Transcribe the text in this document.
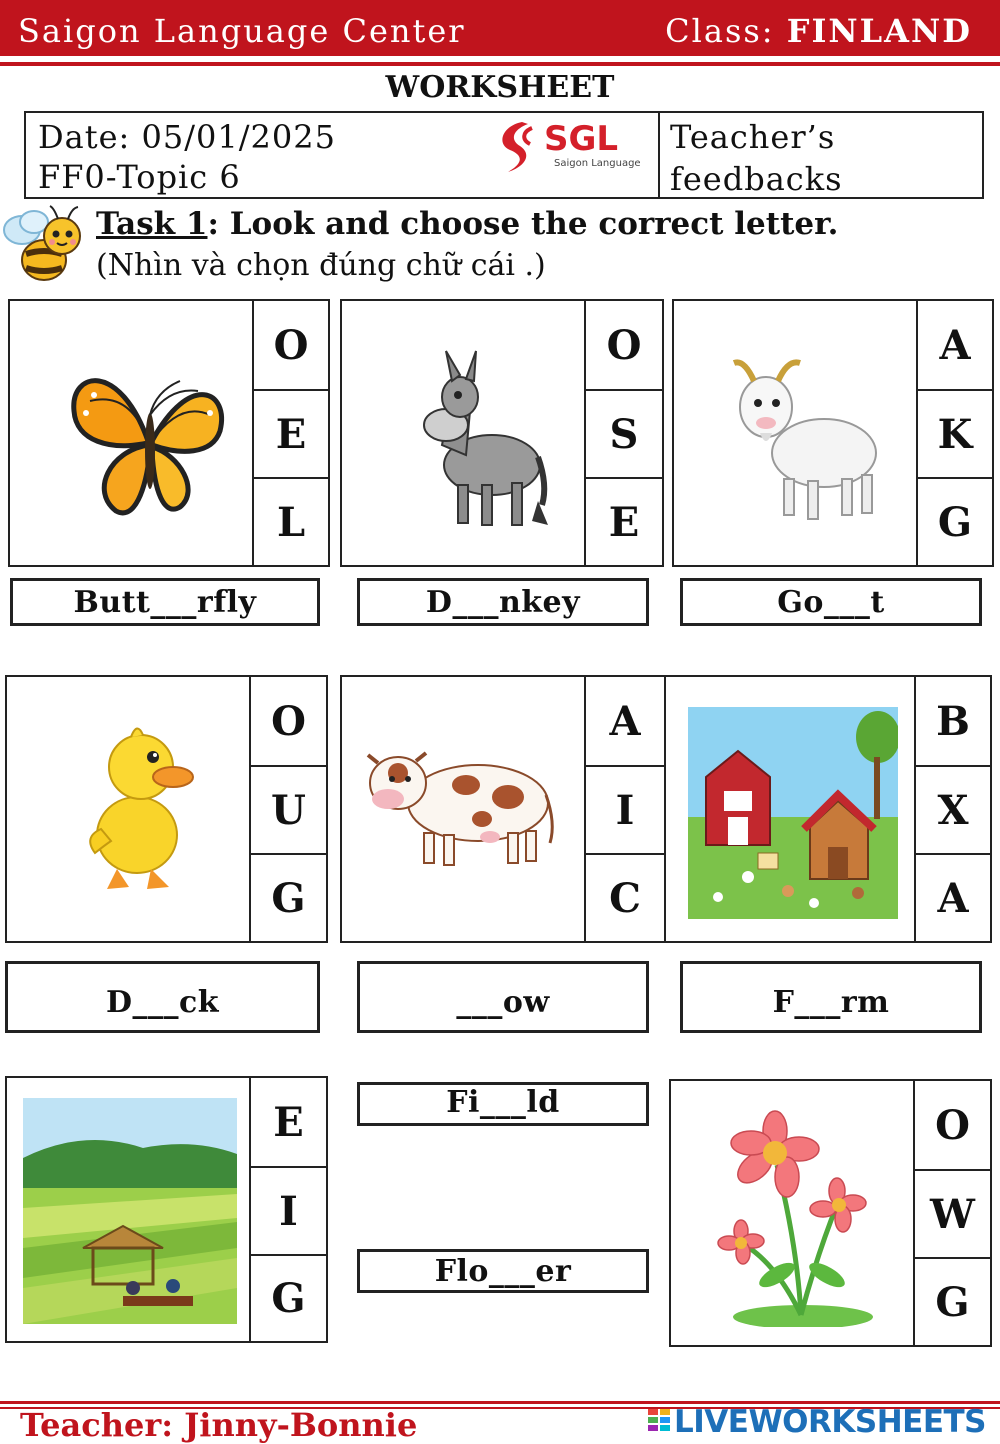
Saigon Language Center	Class: FINLAND
WORKSHEET
Date: 05/01/2025
FF0-Topic 6
Teacher’s
feedbacks
SGL
Saigon Language
Task 1: Look and choose the correct letter.
(Nhìn và chọn đúng chữ cái .)
O
E
L
O
S
E
A
K
G
Butt___rfly	D___nkey	Go___t
O
U
G
A
I
C
B
X
A
D___ck	___ow	F___rm
E
I
G
Fi___ld
Flo___er
O
W
G
Teacher: Jinny-Bonnie	LIVEWORKSHEETS
